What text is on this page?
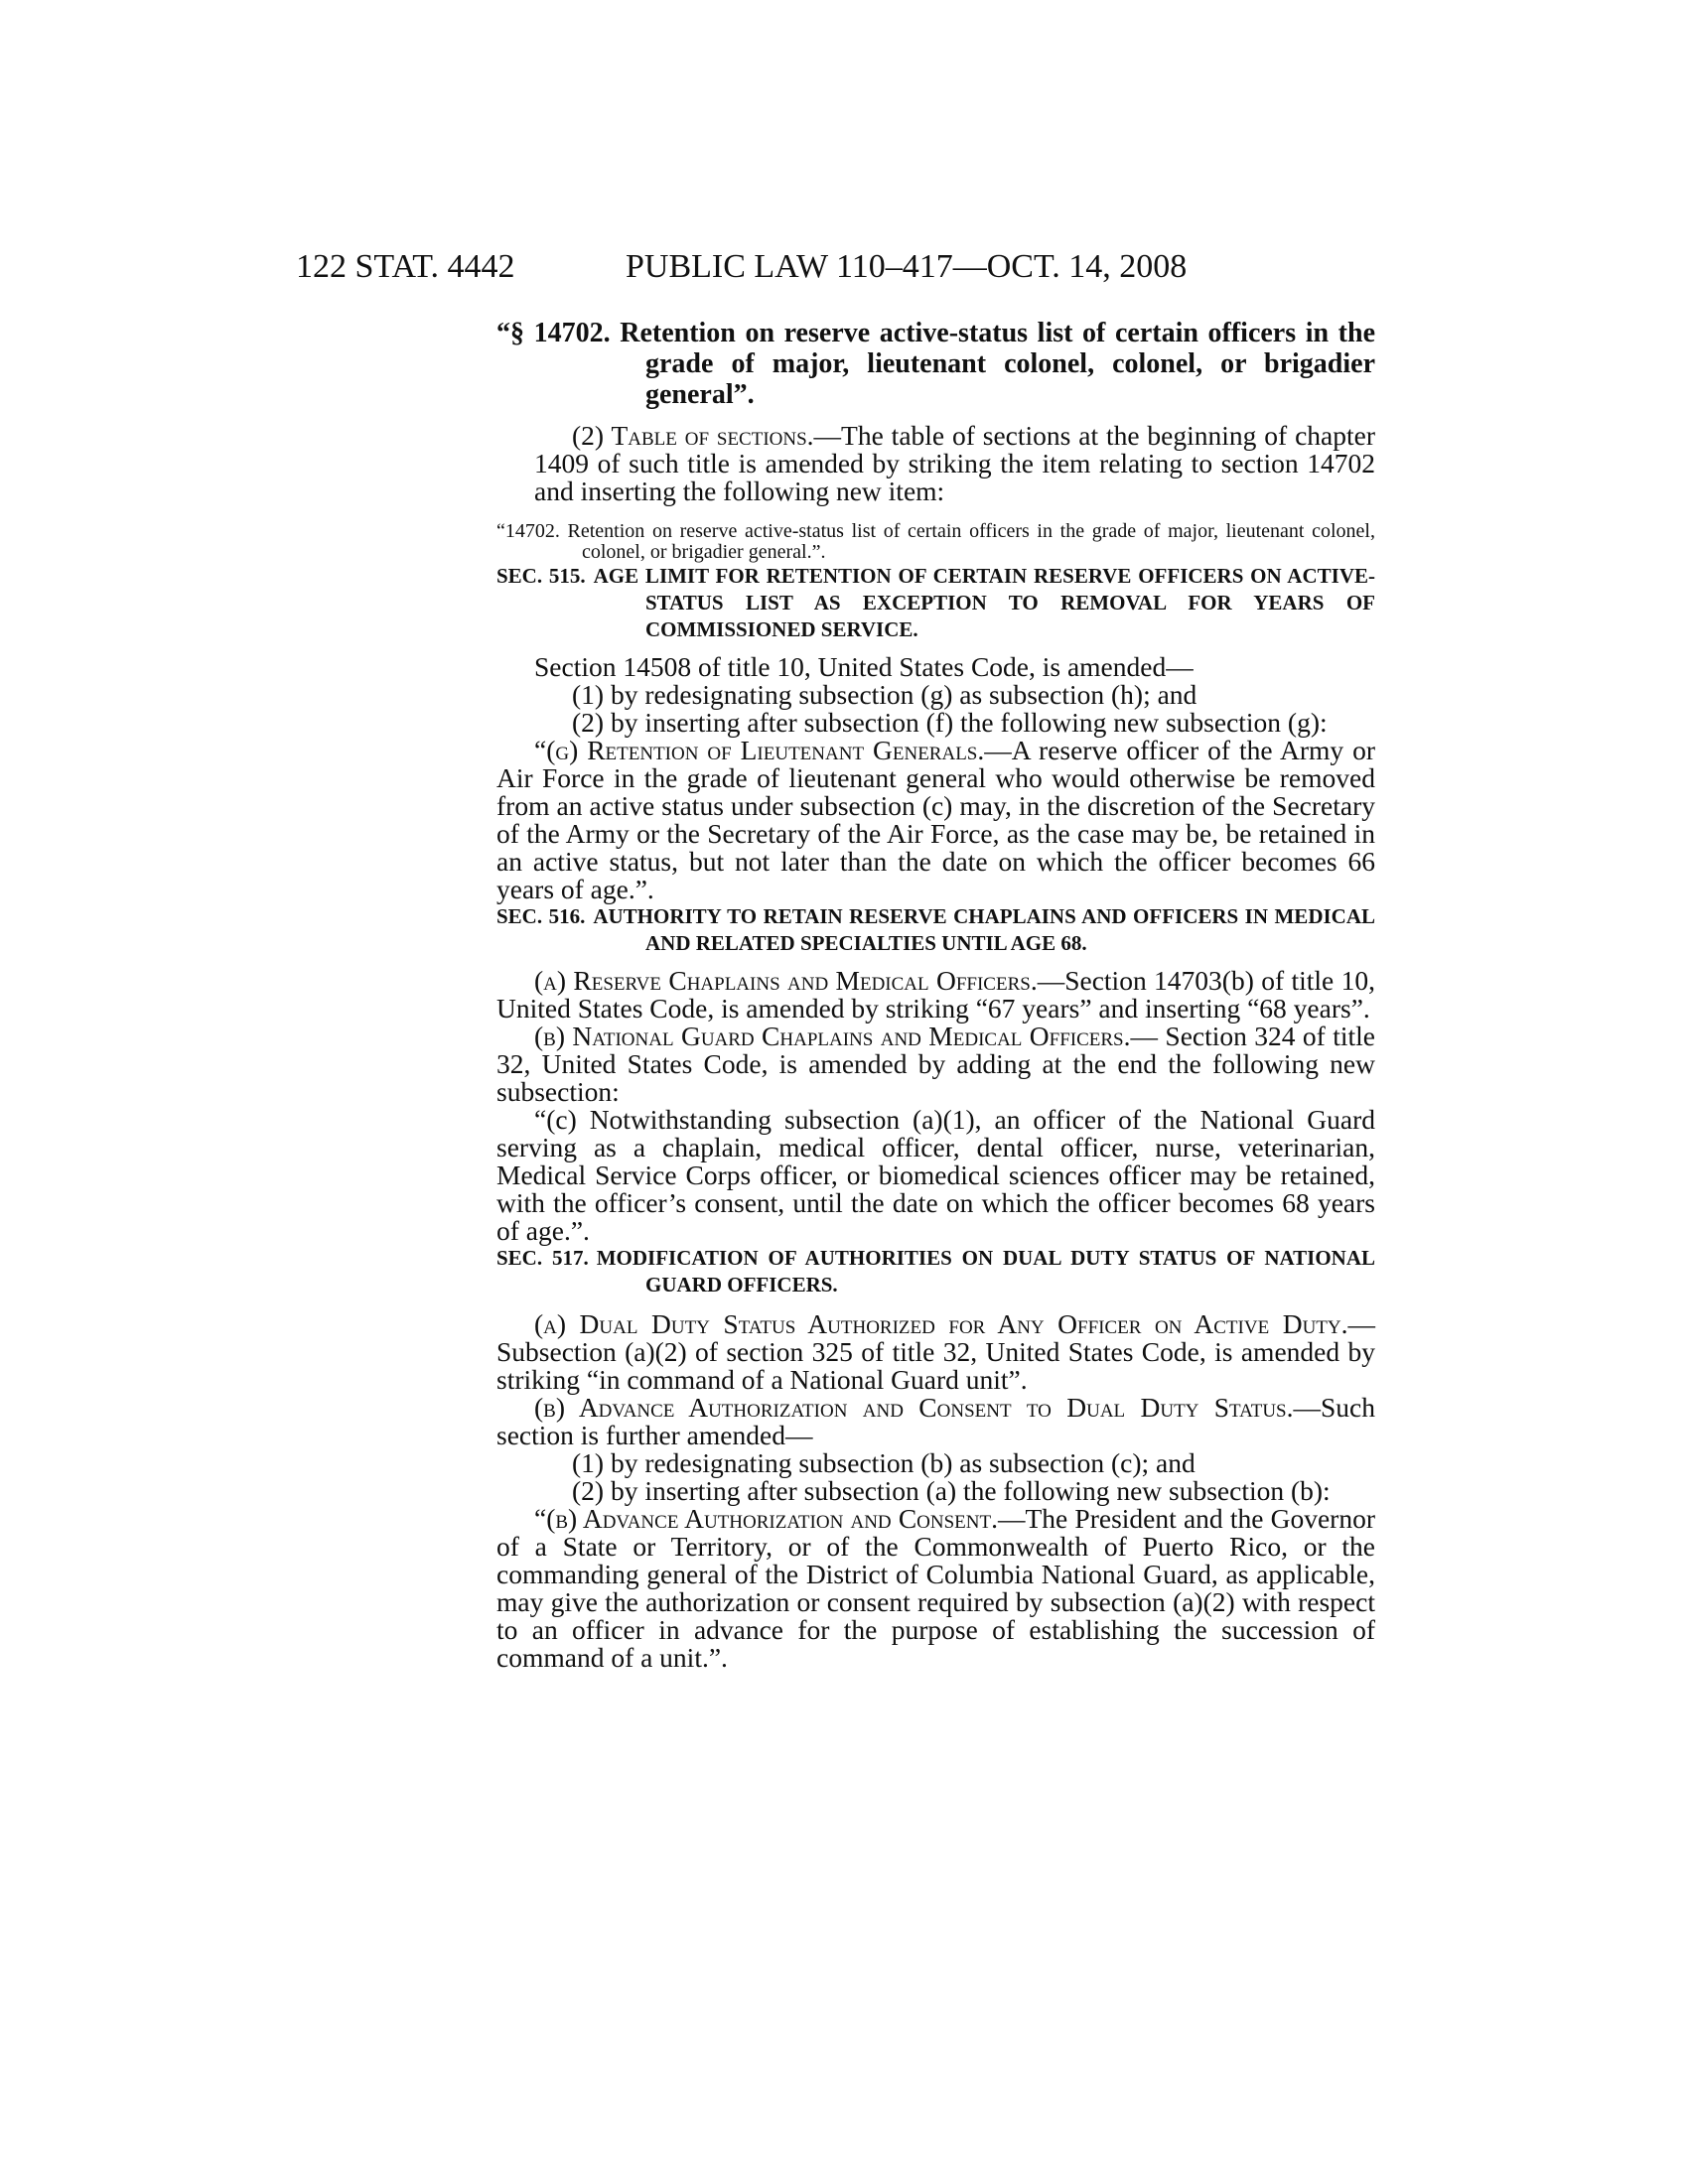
122 STAT. 4442	PUBLIC LAW 110–417—OCT. 14, 2008
“§ 14702. Retention on reserve active-status list of certain officers in the grade of major, lieutenant colonel, colonel, or brigadier general”.

(2) Table of sections.—The table of sections at the beginning of chapter 1409 of such title is amended by striking the item relating to section 14702 and inserting the following new item:

“14702. Retention on reserve active-status list of certain officers in the grade of major, lieutenant colonel, colonel, or brigadier general.”.

SEC. 515. AGE LIMIT FOR RETENTION OF CERTAIN RESERVE OFFICERS ON ACTIVE-STATUS LIST AS EXCEPTION TO REMOVAL FOR YEARS OF COMMISSIONED SERVICE.

Section 14508 of title 10, United States Code, is amended—

(1) by redesignating subsection (g) as subsection (h); and

(2) by inserting after subsection (f) the following new subsection (g):

“(g) Retention of Lieutenant Generals.—A reserve officer of the Army or Air Force in the grade of lieutenant general who would otherwise be removed from an active status under subsection (c) may, in the discretion of the Secretary of the Army or the Secretary of the Air Force, as the case may be, be retained in an active status, but not later than the date on which the officer becomes 66 years of age.”.

SEC. 516. AUTHORITY TO RETAIN RESERVE CHAPLAINS AND OFFICERS IN MEDICAL AND RELATED SPECIALTIES UNTIL AGE 68.

(a) Reserve Chaplains and Medical Officers.—Section 14703(b) of title 10, United States Code, is amended by striking “67 years” and inserting “68 years”.

(b) National Guard Chaplains and Medical Officers.— Section 324 of title 32, United States Code, is amended by adding at the end the following new subsection:

“(c) Notwithstanding subsection (a)(1), an officer of the National Guard serving as a chaplain, medical officer, dental officer, nurse, veterinarian, Medical Service Corps officer, or biomedical sciences officer may be retained, with the officer’s consent, until the date on which the officer becomes 68 years of age.”.

SEC. 517. MODIFICATION OF AUTHORITIES ON DUAL DUTY STATUS OF NATIONAL GUARD OFFICERS.

(a) Dual Duty Status Authorized for Any Officer on Active Duty.—Subsection (a)(2) of section 325 of title 32, United States Code, is amended by striking “in command of a National Guard unit”.

(b) Advance Authorization and Consent to Dual Duty Status.—Such section is further amended—

(1) by redesignating subsection (b) as subsection (c); and

(2) by inserting after subsection (a) the following new subsection (b):

“(b) Advance Authorization and Consent.—The President and the Governor of a State or Territory, or of the Commonwealth of Puerto Rico, or the commanding general of the District of Columbia National Guard, as applicable, may give the authorization or consent required by subsection (a)(2) with respect to an officer in advance for the purpose of establishing the succession of command of a unit.”.
